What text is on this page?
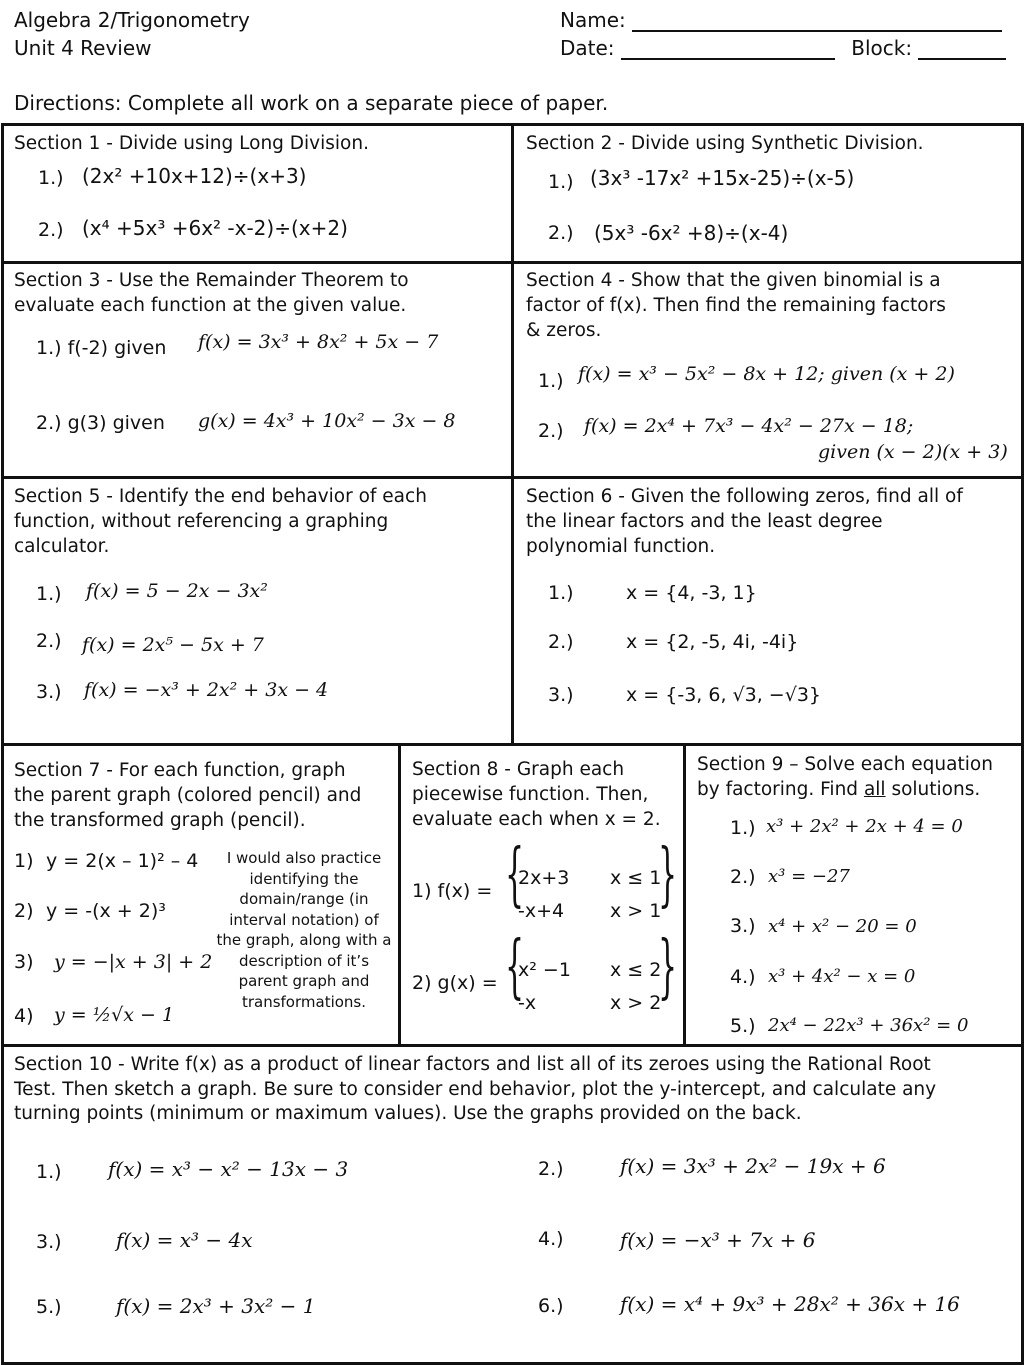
Algebra 2/Trigonometry
Unit 4 Review
Name:
Date:	Block:
Directions: Complete all work on a separate piece of paper.
Section 1 - Divide using Long Division.
1.) (2x² +10x+12)÷(x+3)
2.) (x⁴ +5x³ +6x² -x-2)÷(x+2)
Section 2 - Divide using Synthetic Division.
1.) (3x³ -17x² +15x-25)÷(x-5)
2.) (5x³ -6x² +8)÷(x-4)
Section 3 - Use the Remainder Theorem to
evaluate each function at the given value.
1.) f(-2) given f(x) = 3x³ + 8x² + 5x − 7
2.) g(3) given g(x) = 4x³ + 10x² − 3x − 8
Section 4 - Show that the given binomial is a
factor of f(x). Then find the remaining factors
& zeros.
1.) f(x) = x³ − 5x² − 8x + 12; given (x + 2)
2.) f(x) = 2x⁴ + 7x³ − 4x² − 27x − 18;
given (x − 2)(x + 3)
Section 5 - Identify the end behavior of each
function, without referencing a graphing
calculator.
1.) f(x) = 5 − 2x − 3x²
2.) f(x) = 2x⁵ − 5x + 7
3.) f(x) = −x³ + 2x² + 3x − 4
Section 6 - Given the following zeros, find all of
the linear factors and the least degree
polynomial function.
1.)	x = {4, -3, 1}
2.)	x = {2, -5, 4i, -4i}
3.)	x = {-3, 6, √3, −√3}
Section 7 - For each function, graph
the parent graph (colored pencil) and
the transformed graph (pencil).
1) y = 2(x – 1)² – 4
2) y = -(x + 2)³
3) y = −|x + 3| + 2
4) y = ½√x − 1
I would also practice identifying the domain/range (in interval notation) of the graph, along with a description of it’s parent graph and transformations.
Section 8 - Graph each
piecewise function. Then,
evaluate each when x = 2.
1) f(x) = {
2x+3 x ≤ 1
-x+4 x > 1
}
2) g(x) = {
x² −1 x ≤ 2
-x	x > 2
}
Section 9 – Solve each equation
by factoring. Find all solutions.
1.) x³ + 2x² + 2x + 4 = 0
2.) x³ = −27
3.) x⁴ + x² − 20 = 0
4.) x³ + 4x² − x = 0
5.) 2x⁴ − 22x³ + 36x² = 0
Section 10 - Write f(x) as a product of linear factors and list all of its zeroes using the Rational Root
Test. Then sketch a graph. Be sure to consider end behavior, plot the y-intercept, and calculate any
turning points (minimum or maximum values). Use the graphs provided on the back.
1.) f(x) = x³ − x² − 13x − 3	2.)	f(x) = 3x³ + 2x² − 19x + 6
3.)	f(x) = x³ − 4x	4.)	f(x) = −x³ + 7x + 6
5.)	f(x) = 2x³ + 3x² − 1	6.)	f(x) = x⁴ + 9x³ + 28x² + 36x + 16
